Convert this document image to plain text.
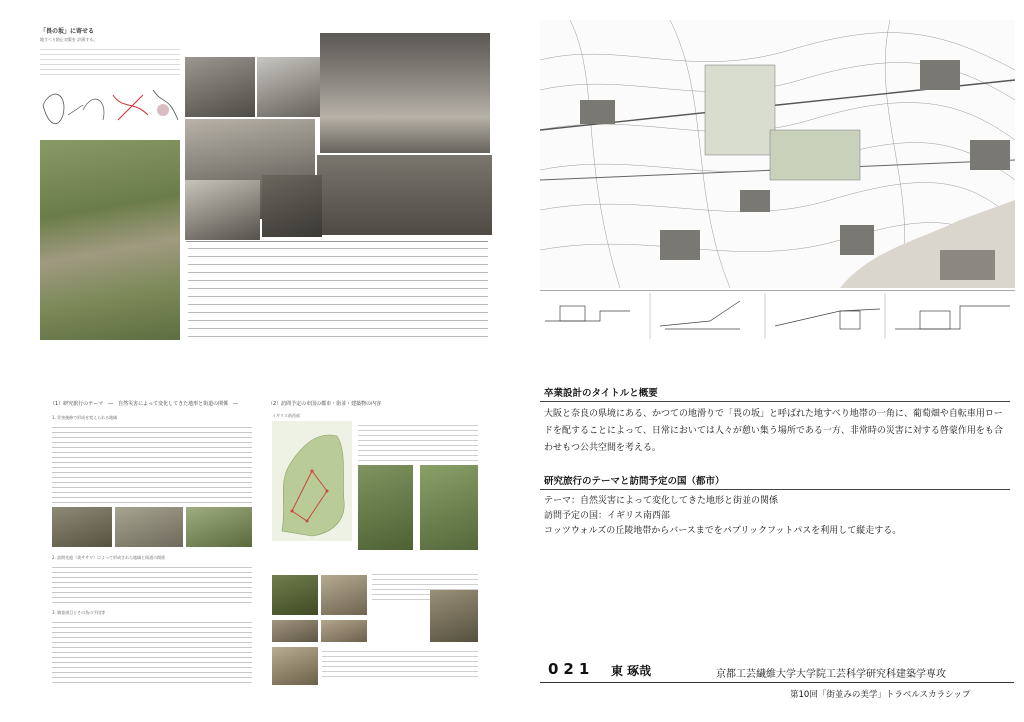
「畏の坂」に寄せる
地すべり防止対策を 計画する。
（1）研究旅行のテーマ　―　自然災害によって変化してきた地形と街道の関係　―	（2）訪問予定の市国の都市・街並・建築物の内容
1. 災害後修で形成せ変えられる地域
2. 訪問先庭（英ササワ）によって形成された地域と街道の関係
3. 調査項目とその為の手段等
イギリス南西部
卒業設計のタイトルと概要
大阪と奈良の県境にある、かつての地滑りで「畏の坂」と呼ばれた地すべり地帯の一角に、葡萄畑や自転車用ロードを配することによって、日常においては人々が憩い集う場所である一方、非常時の災害に対する啓蒙作用をも合わせもつ公共空間を考える。
研究旅行のテーマと訪問予定の国（都市）
テーマ：自然災害によって変化してきた地形と街並の関係
訪問予定の国：イギリス南西部
コッツウォルズの丘陵地帯からバースまでをパブリックフットパスを利用して縦走する。
021 東 琢哉	京都工芸繊維大学大学院工芸科学研究科建築学専攻
第10回「街並みの美学」トラベルスカラシップ
